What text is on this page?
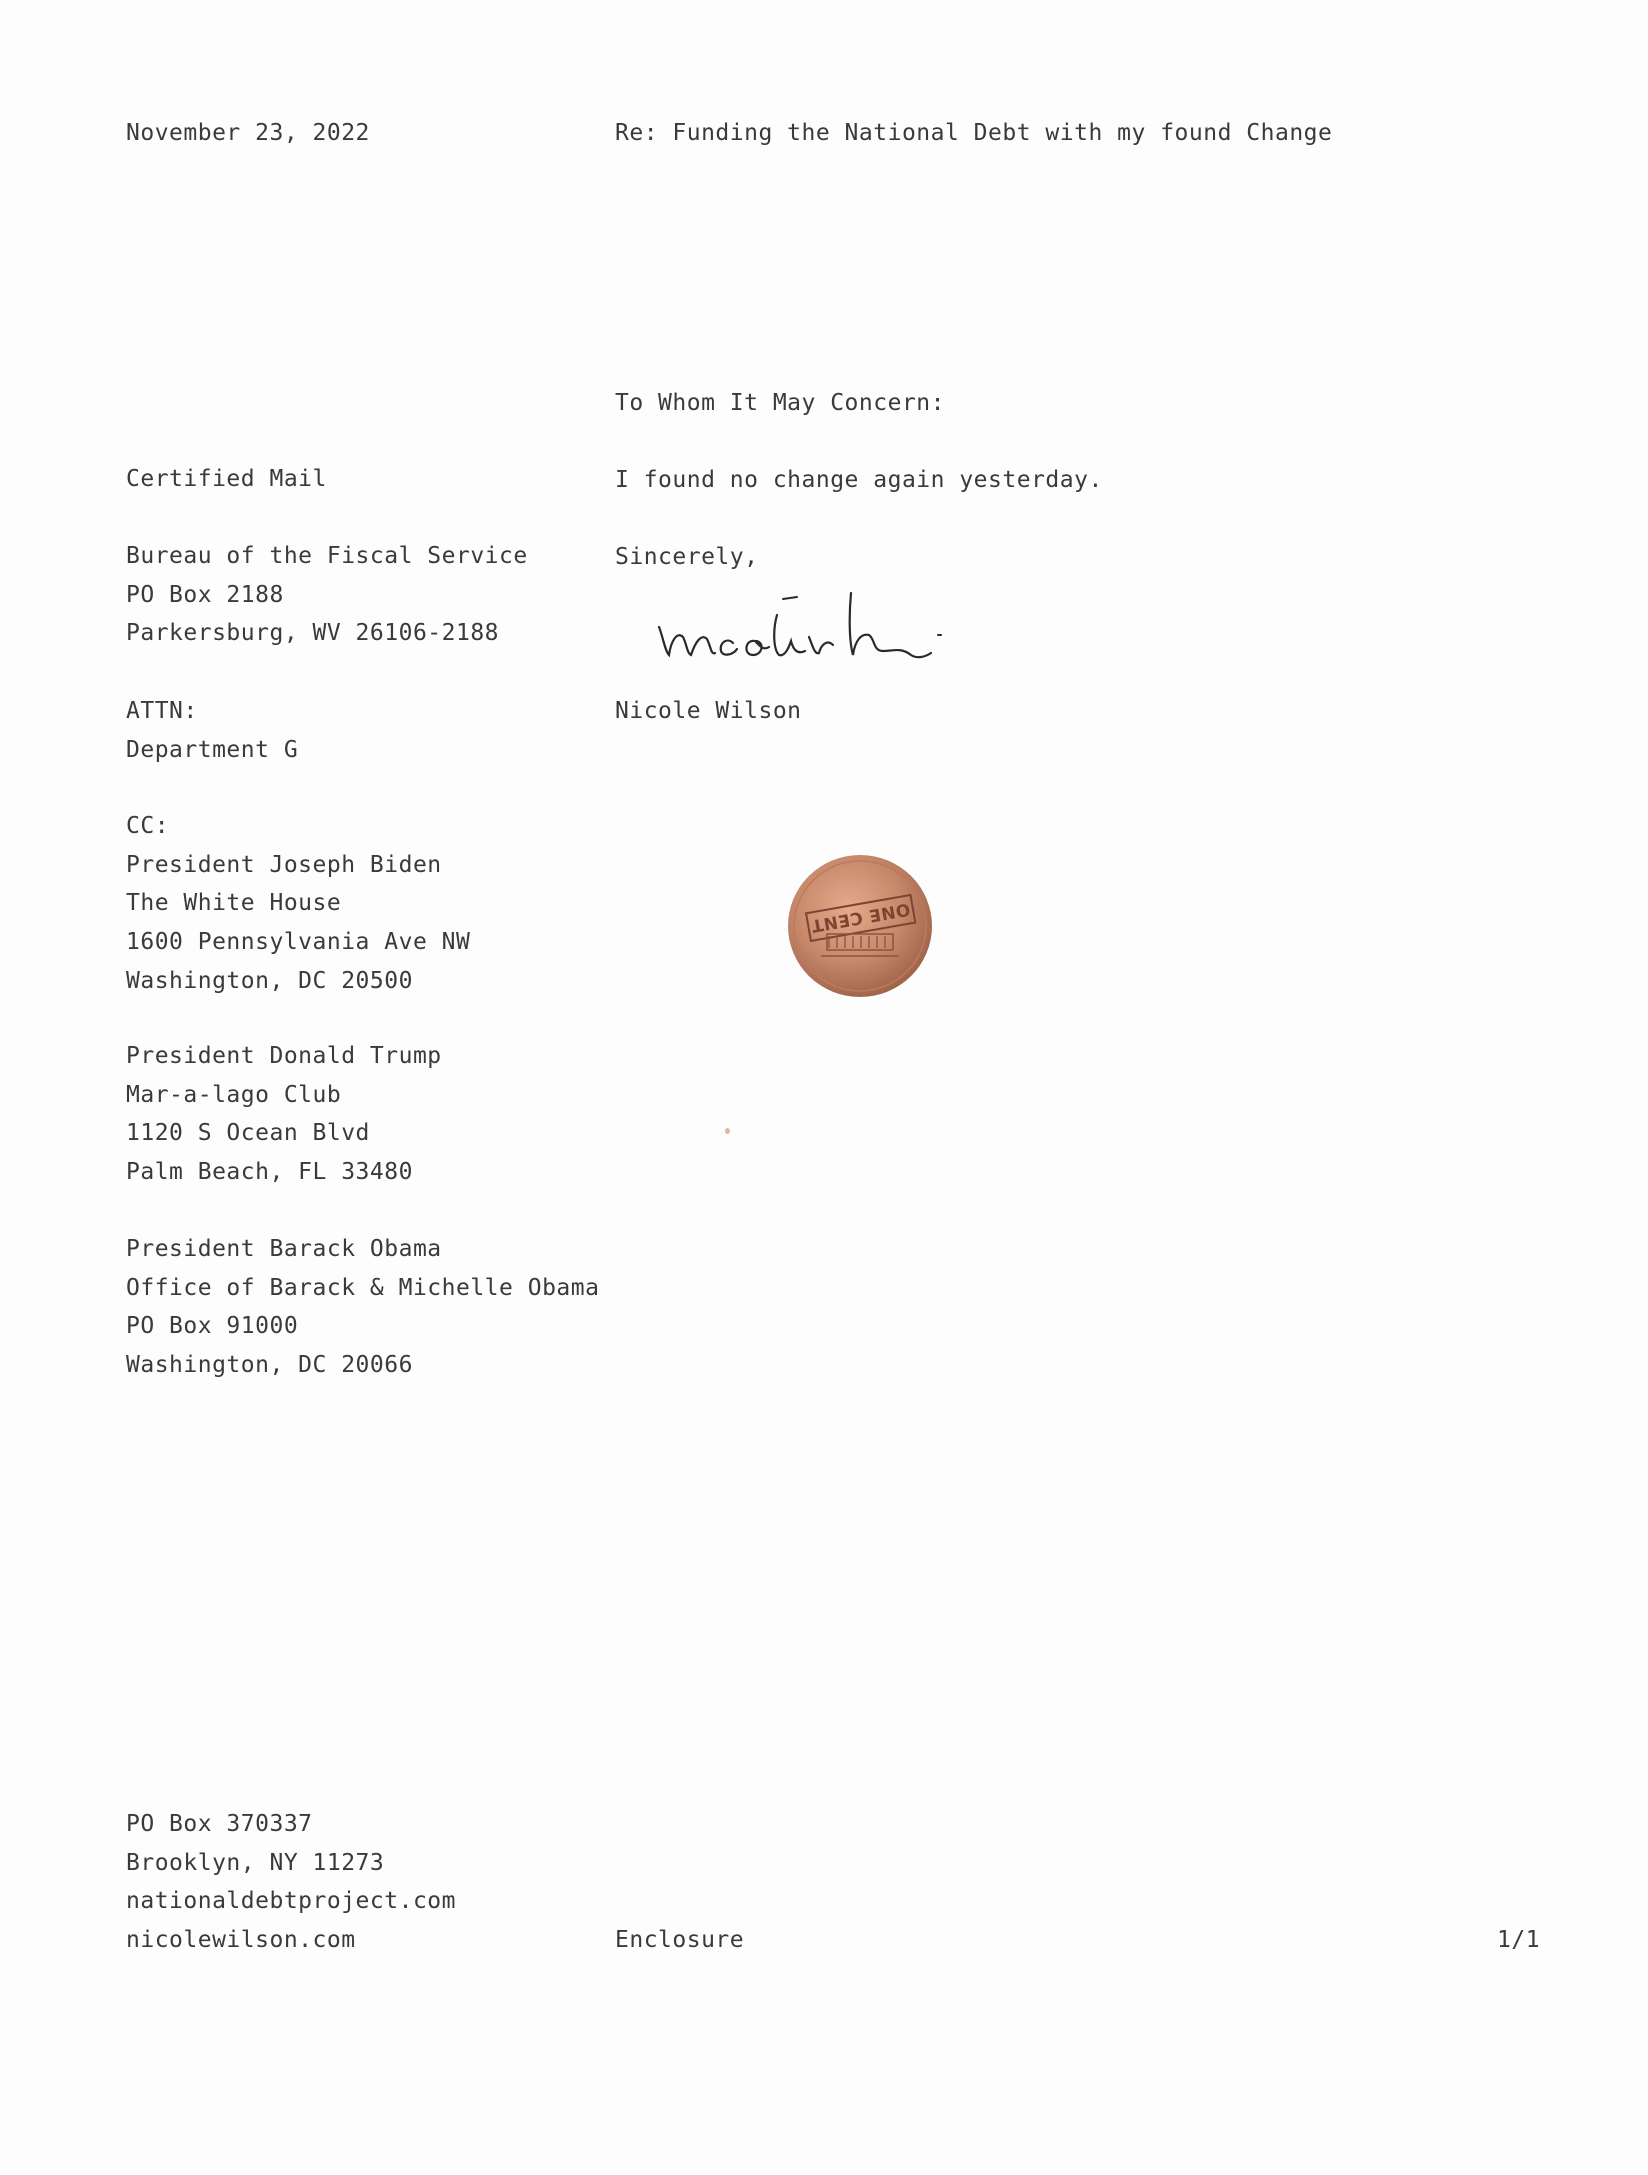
November 23, 2022	Re: Funding the National Debt with my found Change
To Whom It May Concern:
I found no change again yesterday.
Sincerely,
Nicole Wilson
ONE CENT
Certified Mail
Bureau of the Fiscal Service
PO Box 2188
Parkersburg, WV 26106-2188
ATTN:
Department G
CC:
President Joseph Biden
The White House
1600 Pennsylvania Ave NW
Washington, DC 20500
President Donald Trump
Mar-a-lago Club
1120 S Ocean Blvd
Palm Beach, FL 33480
President Barack Obama
Office of Barack & Michelle Obama
PO Box 91000
Washington, DC 20066
PO Box 370337
Brooklyn, NY 11273
nationaldebtproject.com
nicolewilson.com	Enclosure	1/1
